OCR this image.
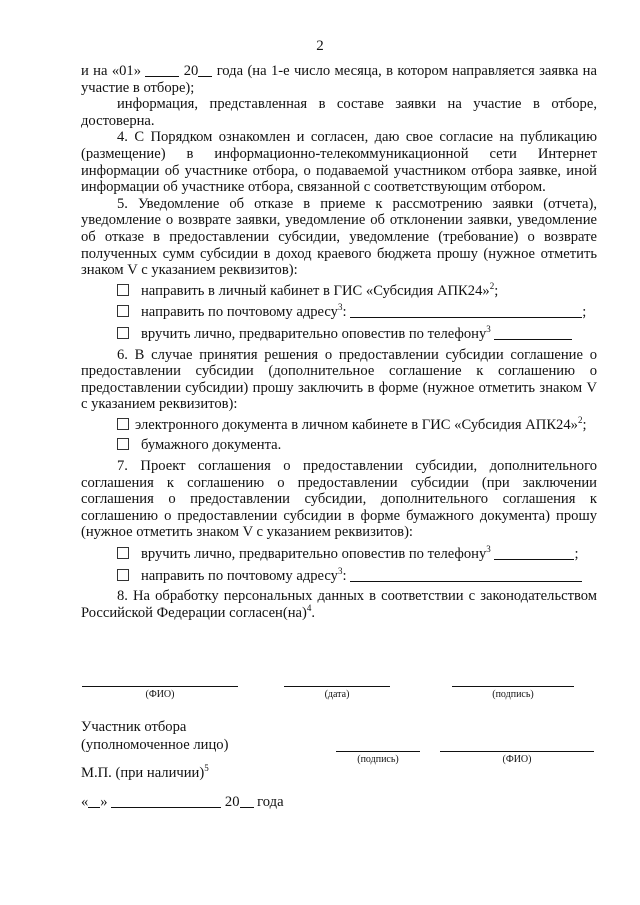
2

и на «01»	20 года (на 1-е число месяца, в котором направляется заявка на участие в отборе);

информация, представленная в составе заявки на участие в отборе, достоверна.

4. С Порядком ознакомлен и согласен, даю свое согласие на публикацию (размещение) в информационно-телекоммуникационной сети Интернет информации об участнике отбора, о подаваемой участником отбора заявке, иной информации об участнике отбора, связанной с соответствующим отбором.

5. Уведомление об отказе в приеме к рассмотрению заявки (отчета), уведомление о возврате заявки, уведомление об отклонении заявки, уведомление об отказе в предоставлении субсидии, уведомление (требование) о возврате полученных сумм субсидии в доход краевого бюджета прошу (нужное отметить знаком V с указанием реквизитов):

направить в личный кабинет в ГИС «Субсидия АПК24»$^2$;

направить по почтовому адресу$^3$:	;

вручить лично, предварительно оповестив по телефону$^3$

6. В случае принятия решения о предоставлении субсидии соглашение о предоставлении субсидии (дополнительное соглашение к соглашению о предоставлении субсидии) прошу заключить в форме (нужное отметить знаком V с указанием реквизитов):

электронного документа в личном кабинете в ГИС «Субсидия АПК24»$^2$;

бумажного документа.

7. Проект соглашения о предоставлении субсидии, дополнительного соглашения к соглашению о предоставлении субсидии (при заключении соглашения о предоставлении субсидии, дополнительного соглашения к соглашению о предоставлении субсидии в форме бумажного документа) прошу (нужное отметить знаком V с указанием реквизитов):

вручить лично, предварительно оповестив по телефону$^3$	;

направить по почтовому адресу$^3$:

8. На обработку персональных данных в соответствии с законодательством Российской Федерации согласен(на)$^4$.

(ФИО)	(дата)	(подпись)
Участник отбора
(уполномоченное лицо)
(подпись)	(ФИО)
М.П. (при наличии)$^5$
« »	20 года
